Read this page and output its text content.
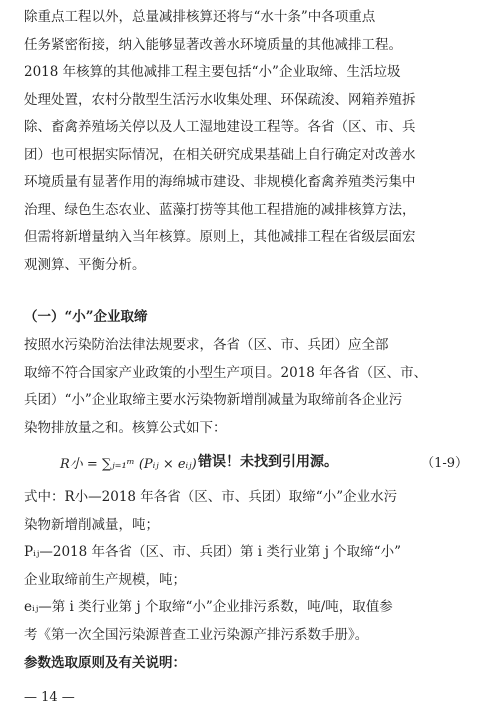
除重点工程以外，总量减排核算还将与“水十条”中各项重点
任务紧密衔接，纳入能够显著改善水环境质量的其他减排工程。
2018 年核算的其他减排工程主要包括“小”企业取缔、生活垃圾
处理处置，农村分散型生活污水收集处理、环保疏浚、网箱养殖拆
除、畜禽养殖场关停以及人工湿地建设工程等。各省（区、市、兵
团）也可根据实际情况，在相关研究成果基础上自行确定对改善水
环境质量有显著作用的海绵城市建设、非规模化畜禽养殖类污集中
治理、绿色生态农业、蓝藻打捞等其他工程措施的减排核算方法，
但需将新增量纳入当年核算。原则上，其他减排工程在省级层面宏
观测算、平衡分析。
（一）“小”企业取缔
按照水污染防治法律法规要求，各省（区、市、兵团）应全部
取缔不符合国家产业政策的小型生产项目。2018 年各省（区、市、
兵团）“小”企业取缔主要水污染物新增削减量为取缔前各企业污
染物排放量之和。核算公式如下：
R小 = ∑ⱼ₌₁ᵐ (Pᵢⱼ × eᵢⱼ) 错误！未找到引用源。	（1-9）
式中：R小—2018 年各省（区、市、兵团）取缔“小”企业水污
染物新增削减量，吨；
Pᵢⱼ—2018 年各省（区、市、兵团）第 i 类行业第 j 个取缔“小”
企业取缔前生产规模，吨；
eᵢⱼ—第 i 类行业第 j 个取缔“小”企业排污系数，吨/吨，取值参
考《第一次全国污染源普查工业污染源产排污系数手册》。
参数选取原则及有关说明：
— 14 —
